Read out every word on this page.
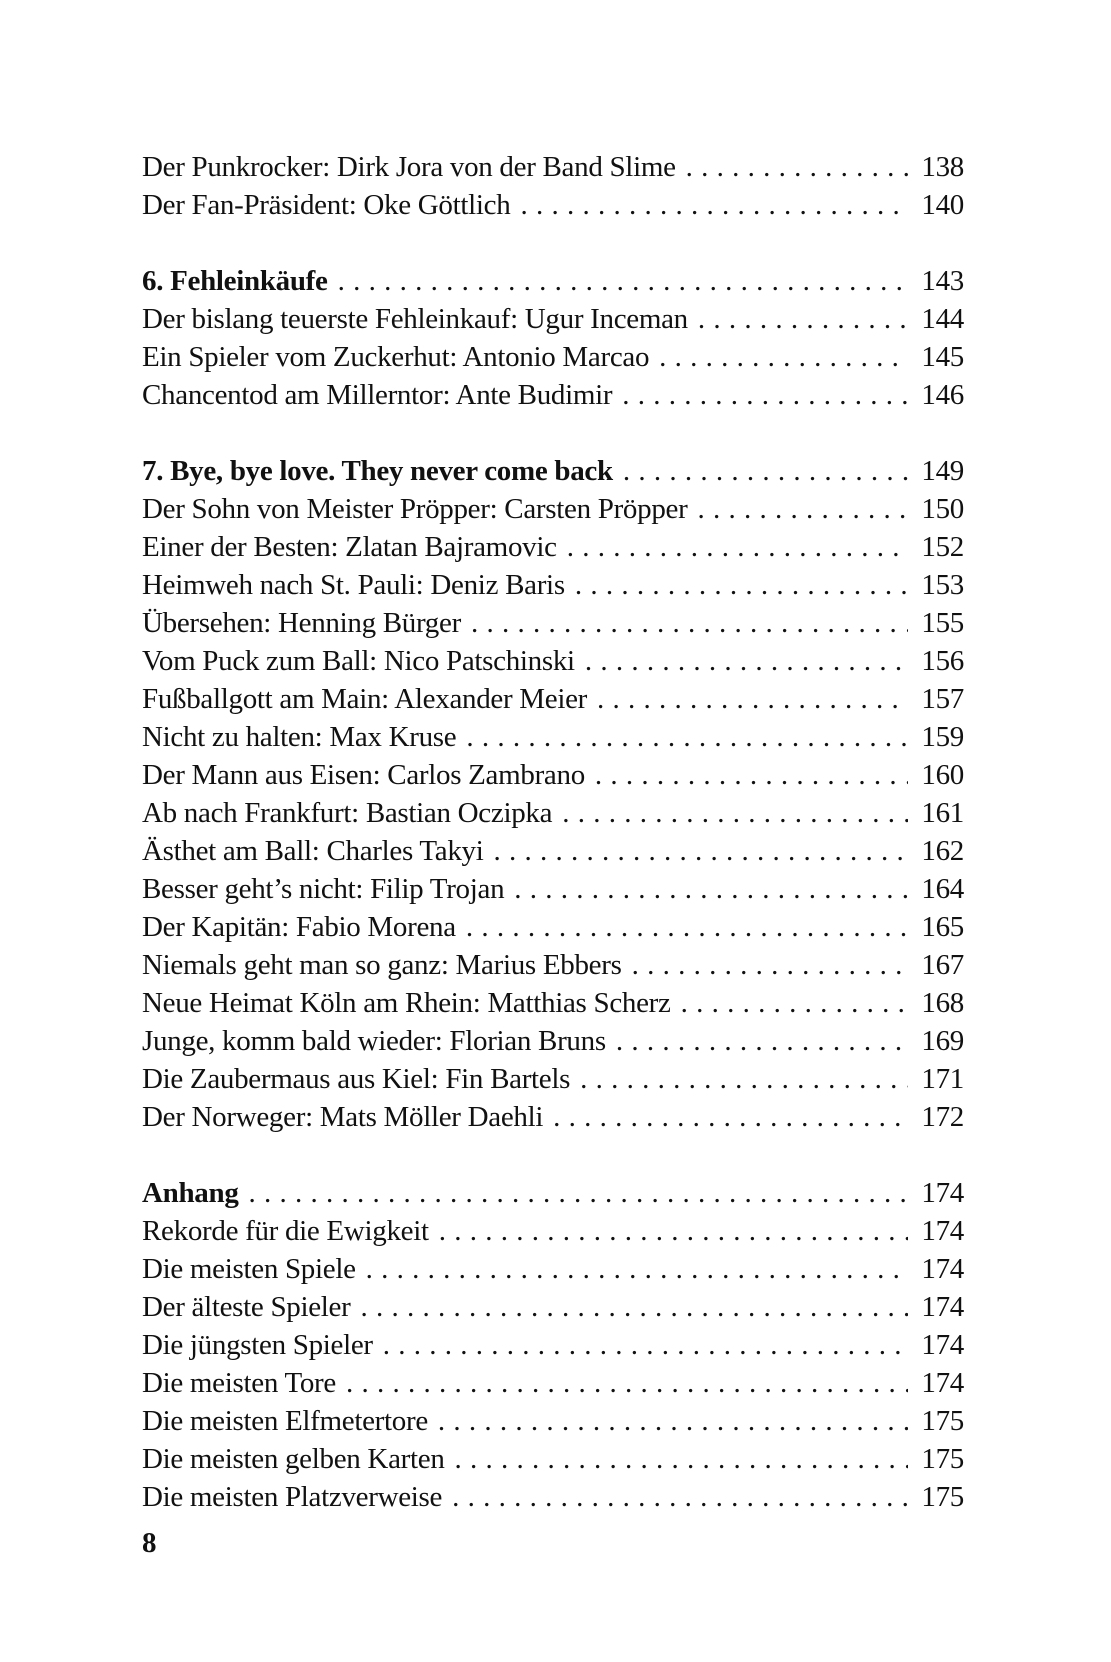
Der Punkrocker: Dirk Jora von der Band Slime . . .	138
Der Fan-Präsident: Oke Göttlich . . .	140
6. Fehleinkäufe . . .	143
Der bislang teuerste Fehleinkauf: Ugur Inceman . . .	144
Ein Spieler vom Zuckerhut: Antonio Marcao . . .	145
Chancentod am Millerntor: Ante Budimir . . .	146
7. Bye, bye love. They never come back . . .	149
Der Sohn von Meister Pröpper: Carsten Pröpper . . .	150
Einer der Besten: Zlatan Bajramovic . . .	152
Heimweh nach St. Pauli: Deniz Baris . . .	153
Übersehen: Henning Bürger . . .	155
Vom Puck zum Ball: Nico Patschinski . . .	156
Fußballgott am Main: Alexander Meier . . .	157
Nicht zu halten: Max Kruse . . .	159
Der Mann aus Eisen: Carlos Zambrano . . .	160
Ab nach Frankfurt: Bastian Oczipka . . .	161
Ästhet am Ball: Charles Takyi . . .	162
Besser geht’s nicht: Filip Trojan . . .	164
Der Kapitän: Fabio Morena . . .	165
Niemals geht man so ganz: Marius Ebbers . . .	167
Neue Heimat Köln am Rhein: Matthias Scherz . . .	168
Junge, komm bald wieder: Florian Bruns . . .	169
Die Zaubermaus aus Kiel: Fin Bartels . . .	171
Der Norweger: Mats Möller Daehli . . .	172
Anhang . . .	174
Rekorde für die Ewigkeit . . .	174
Die meisten Spiele . . .	174
Der älteste Spieler . . .	174
Die jüngsten Spieler . . .	174
Die meisten Tore . . .	174
Die meisten Elfmetertore . . .	175
Die meisten gelben Karten . . .	175
Die meisten Platzverweise . . .	175
8
